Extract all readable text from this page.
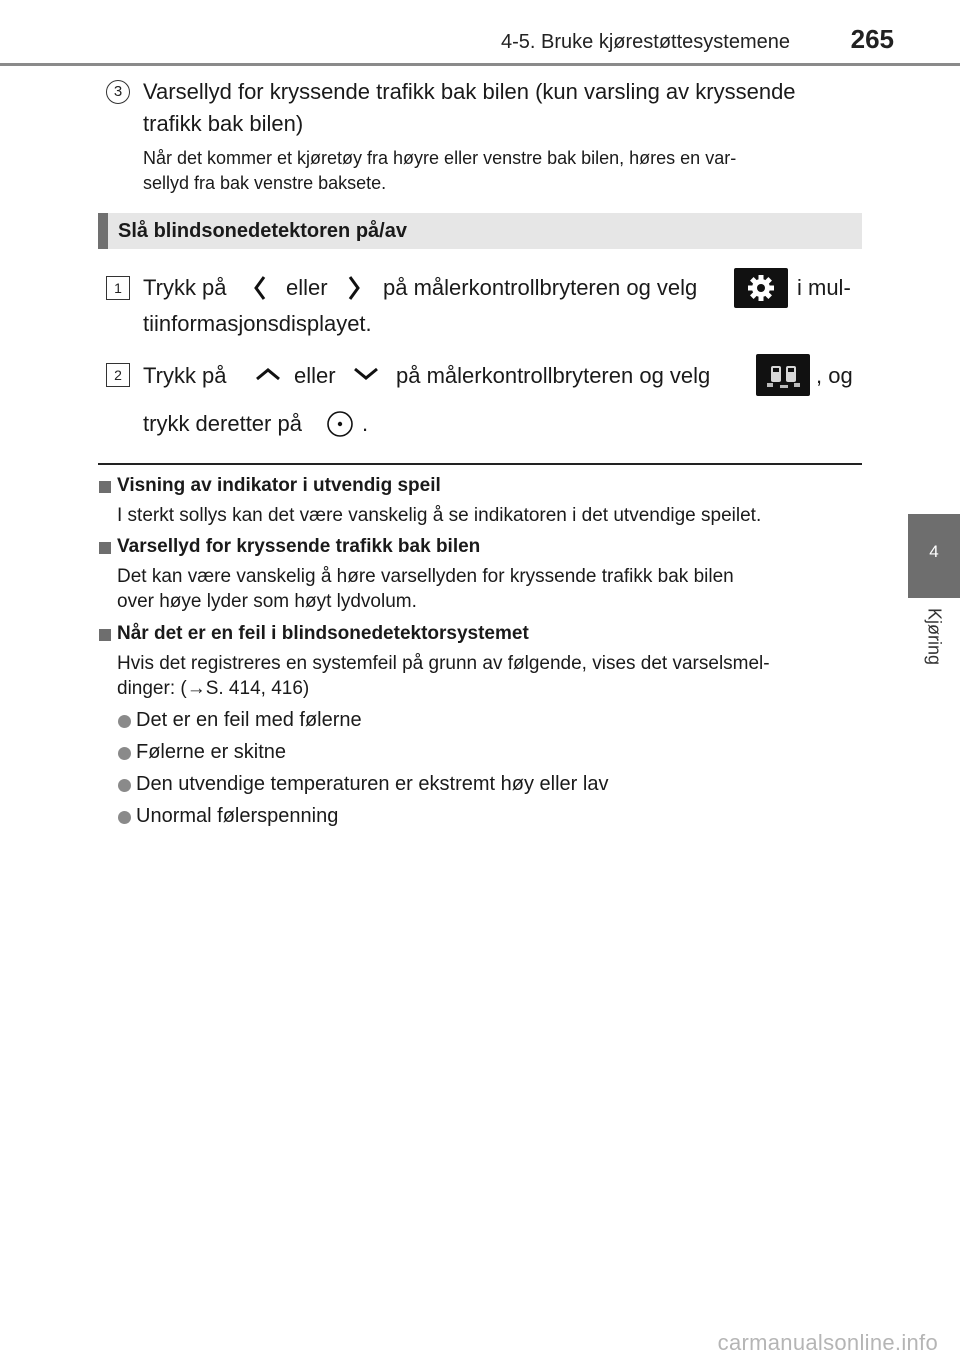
4-5. Bruke kjørestøttesystemene 265
4
Kjøring
3 Varsellyd for kryssende trafikk bak bilen (kun varsling av kryssende
trafikk bak bilen)
Når det kommer et kjøretøy fra høyre eller venstre bak bilen, høres en var-
sellyd fra bak venstre baksete.
Slå blindsonedetektoren på/av
1 Trykk på	eller	på målerkontrollbryteren og velg	i mul-
tiinformasjonsdisplayet.
2 Trykk på	eller	på målerkontrollbryteren og velg	, og
trykk deretter på	.
Visning av indikator i utvendig speil
I sterkt sollys kan det være vanskelig å se indikatoren i det utvendige speilet.
Varsellyd for kryssende trafikk bak bilen
Det kan være vanskelig å høre varsellyden for kryssende trafikk bak bilen
over høye lyder som høyt lydvolum.
Når det er en feil i blindsonedetektorsystemet
Hvis det registreres en systemfeil på grunn av følgende, vises det varselsmel-
dinger: (→S. 414, 416)
Det er en feil med følerne
Følerne er skitne
Den utvendige temperaturen er ekstremt høy eller lav
Unormal følerspenning
carmanualsonline.info
